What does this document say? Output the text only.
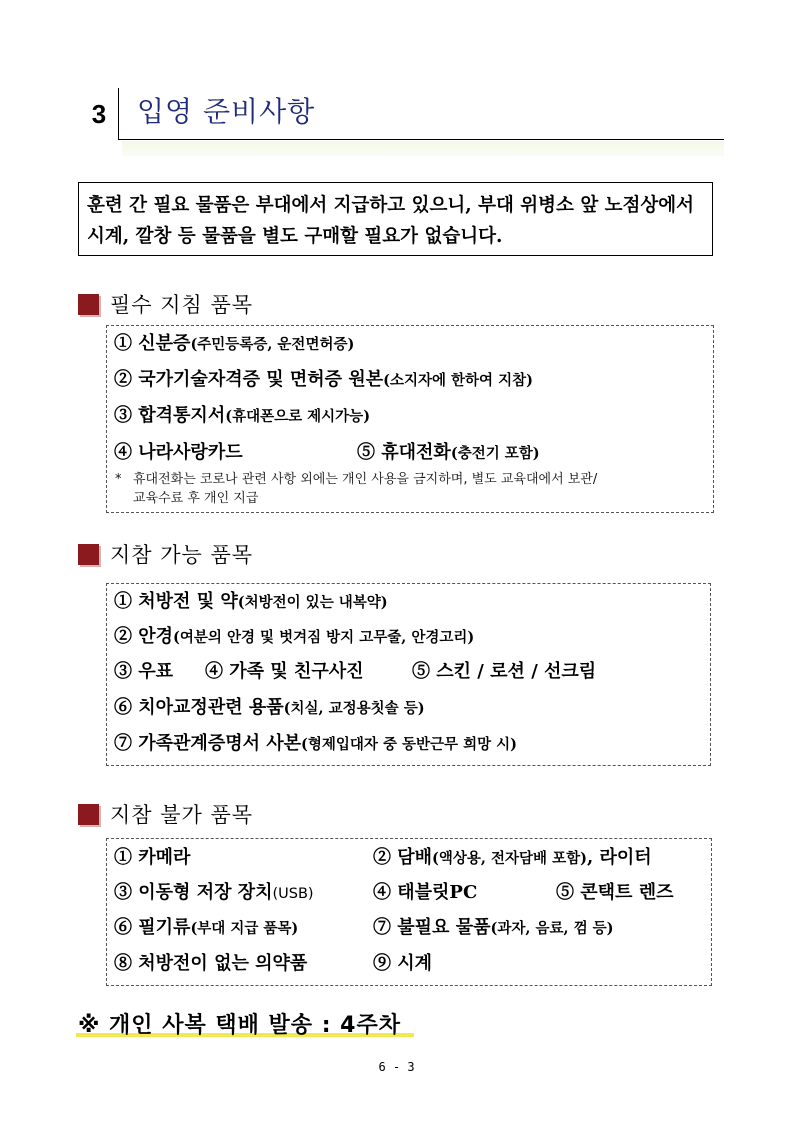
3	입영 준비사항
훈련 간 필요 물품은 부대에서 지급하고 있으니, 부대 위병소 앞 노점상에서
시계, 깔창 등 물품을 별도 구매할 필요가 없습니다.
필수 지침 품목
① 신분증(주민등록증, 운전면허증)
② 국가기술자격증 및 면허증 원본(소지자에 한하여 지참)
③ 합격통지서(휴대폰으로 제시가능)
④ 나라사랑카드	⑤ 휴대전화(충전기 포함)
* 휴대전화는 코로나 관련 사항 외에는 개인 사용을 금지하며, 별도 교육대에서 보관/
교육수료 후 개인 지급
지참 가능 품목
① 처방전 및 약(처방전이 있는 내복약)
② 안경(여분의 안경 및 벗겨짐 방지 고무줄, 안경고리)
③ 우표 ④ 가족 및 친구사진	⑤ 스킨 / 로션 / 선크림
⑥ 치아교정관련 용품(치실, 교정용칫솔 등)
⑦ 가족관계증명서 사본(형제입대자 중 동반근무 희망 시)
지참 불가 품목
① 카메라	② 담배(액상용, 전자담배 포함), 라이터
③ 이동형 저장 장치(USB)	④ 태블릿PC	⑤ 콘택트 렌즈
⑥ 필기류(부대 지급 품목)	⑦ 불필요 물품(과자, 음료, 껌 등)
⑧ 처방전이 없는 의약품	⑨ 시계
※ 개인 사복 택배 발송 : 4주차
6 - 3
